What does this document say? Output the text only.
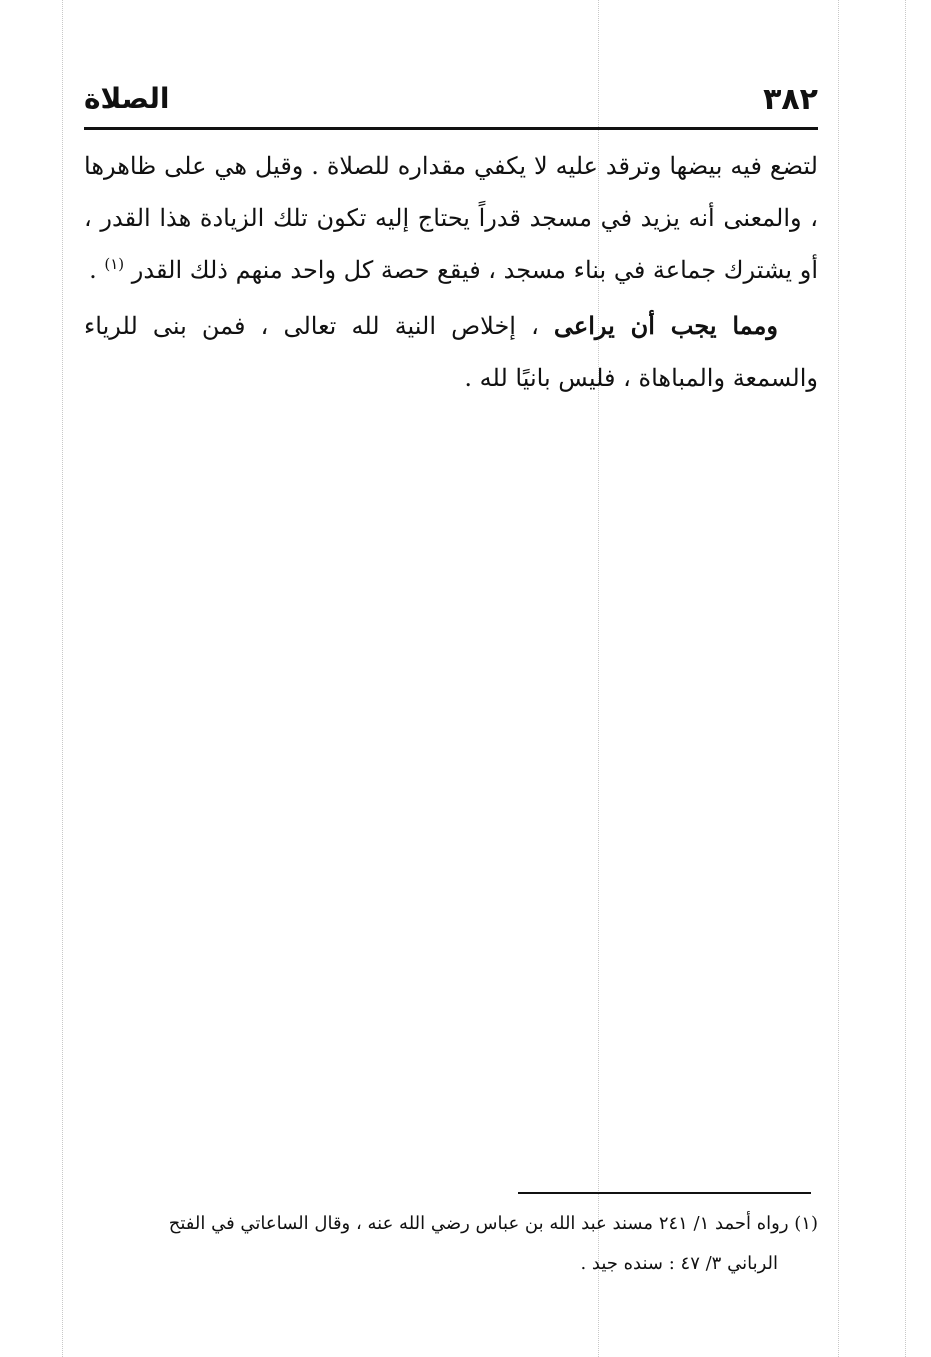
٣٨٢
الصلاة

لتضع فيه بيضها وترقد عليه لا يكفي مقداره للصلاة . وقيل هي على ظاهرها ، والمعنى أنه يزيد في مسجد قدراً يحتاج إليه تكون تلك الزيادة هذا القدر ، أو يشترك جماعة في بناء مسجد ، فيقع حصة كل واحد منهم ذلك القدر $^{(١)}$ .

ومما يجب أن يراعى ، إخلاص النية لله تعالى ، فمن بنى للرياء والسمعة والمباهاة ، فليس بانيًا لله .

(١) رواه أحمد ١/ ٢٤١ مسند عبد الله بن عباس رضي الله عنه ، وقال الساعاتي في الفتح

الرباني ٣/ ٤٧ : سنده جيد .
